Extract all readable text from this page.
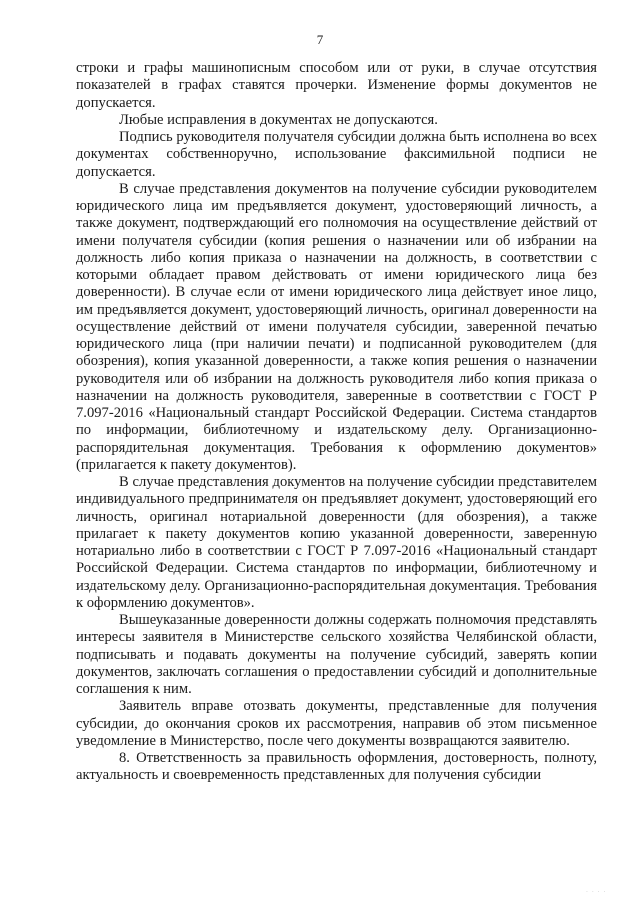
7

строки и графы машинописным способом или от руки, в случае отсутствия показателей в графах ставятся прочерки. Изменение формы документов не допускается.

Любые исправления в документах не допускаются.

Подпись руководителя получателя субсидии должна быть исполнена во всех документах собственноручно, использование факсимильной подписи не допускается.

В случае представления документов на получение субсидии руководителем юридического лица им предъявляется документ, удостоверяющий личность, а также документ, подтверждающий его полномочия на осуществление действий от имени получателя субсидии (копия решения о назначении или об избрании на должность либо копия приказа о назначении на должность, в соответствии с которыми обладает правом действовать от имени юридического лица без доверенности). В случае если от имени юридического лица действует иное лицо, им предъявляется документ, удостоверяющий личность, оригинал доверенности на осуществление действий от имени получателя субсидии, заверенной печатью юридического лица (при наличии печати) и подписанной руководителем (для обозрения), копия указанной доверенности, а также копия решения о назначении руководителя или об избрании на должность руководителя либо копия приказа о назначении на должность руководителя, заверенные в соответствии с ГОСТ Р 7.097-2016 «Национальный стандарт Российской Федерации. Система стандартов по информации, библиотечному и издательскому делу. Организационно-распорядительная документация. Требования к оформлению документов» (прилагается к пакету документов).

В случае представления документов на получение субсидии представителем индивидуального предпринимателя он предъявляет документ, удостоверяющий его личность, оригинал нотариальной доверенности (для обозрения), а также прилагает к пакету документов копию указанной доверенности, заверенную нотариально либо в соответствии с ГОСТ Р 7.097-2016 «Национальный стандарт Российской Федерации. Система стандартов по информации, библиотечному и издательскому делу. Организационно-распорядительная документация. Требования к оформлению документов».

Вышеуказанные доверенности должны содержать полномочия представлять интересы заявителя в Министерстве сельского хозяйства Челябинской области, подписывать и подавать документы на получение субсидий, заверять копии документов, заключать соглашения о предоставлении субсидий и дополнительные соглашения к ним.

Заявитель вправе отозвать документы, представленные для получения субсидии, до окончания сроков их рассмотрения, направив об этом письменное уведомление в Министерство, после чего документы возвращаются заявителю.

8. Ответственность за правильность оформления, достоверность, полноту, актуальность и своевременность представленных для получения субсидии

· · · ·
